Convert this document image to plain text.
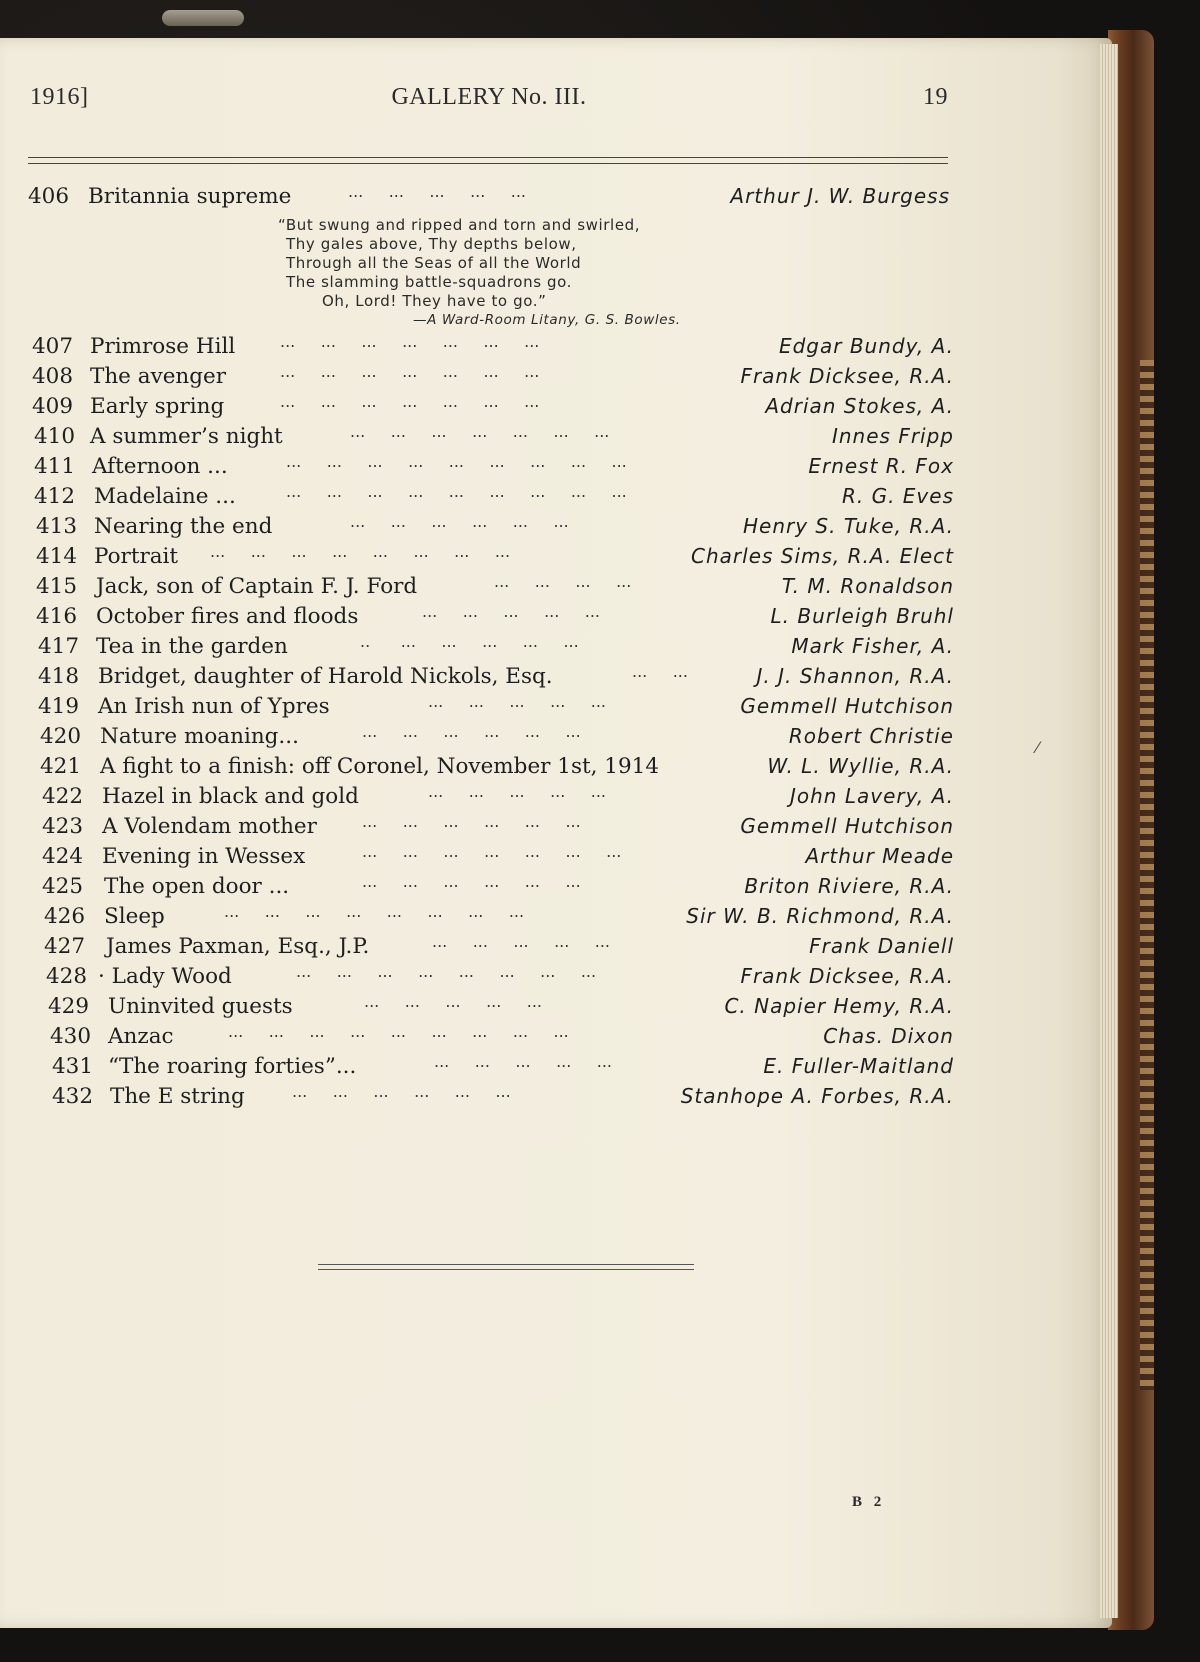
1916]	GALLERY No. III.	19
406 Britannia supreme	...     ...     ...     ...     ...	Arthur J. W. Burgess
“But swung and ripped and torn and swirled,
Thy gales above, Thy depths below,
Through all the Seas of all the World
The slamming battle-squadrons go.
Oh, Lord! They have to go.”
—A Ward-Room Litany, G. S. Bowles.
407 Primrose Hill	...     ...     ...     ...     ...     ...     ...	Edgar Bundy, A.
408 The avenger	...     ...     ...     ...     ...     ...     ...	Frank Dicksee, R.A.
409 Early spring	...     ...     ...     ...     ...     ...     ...	Adrian Stokes, A.
410 A summer’s night	...     ...     ...     ...     ...     ...     ...	Innes Fripp
411 Afternoon ...	...     ...     ...     ...     ...     ...     ...     ...     ...	Ernest R. Fox
412 Madelaine ...	...     ...     ...     ...     ...     ...     ...     ...     ...	R. G. Eves
413 Nearing the end	...     ...     ...     ...     ...     ...	Henry S. Tuke, R.A.
414 Portrait ...     ...     ...     ...     ...     ...     ...     ...	Charles Sims, R.A. Elect
415 Jack, son of Captain F. J. Ford	...     ...     ...     ...	T. M. Ronaldson
416 October fires and floods	...     ...     ...     ...     ...	L. Burleigh Bruhl
417 Tea in the garden	..      ...     ...     ...     ...     ...	Mark Fisher, A.
418 Bridget, daughter of Harold Nickols, Esq.	...     ...	J. J. Shannon, R.A.
419 An Irish nun of Ypres	...     ...     ...     ...     ...	Gemmell Hutchison
420 Nature moaning...	...     ...     ...     ...     ...     ...	Robert Christie
421 A fight to a finish: off Coronel, November 1st, 1914	W. L. Wyllie, R.A.
422 Hazel in black and gold	...     ...     ...     ...     ...	John Lavery, A.
423 A Volendam mother	...     ...     ...     ...     ...     ...	Gemmell Hutchison
424 Evening in Wessex	...     ...     ...     ...     ...     ...     ...	Arthur Meade
425 The open door ...	...     ...     ...     ...     ...     ...	Briton Riviere, R.A.
426 Sleep	...     ...     ...     ...     ...     ...     ...     ...	Sir W. B. Richmond, R.A.
427 James Paxman, Esq., J.P.	...     ...     ...     ...     ...	Frank Daniell
428 · Lady Wood	...     ...     ...     ...     ...     ...     ...     ...	Frank Dicksee, R.A.
429 Uninvited guests	...     ...     ...     ...     ...	C. Napier Hemy, R.A.
430 Anzac	...     ...     ...     ...     ...     ...     ...     ...     ...	Chas. Dixon
431 “The roaring forties”...	...     ...     ...     ...     ...	E. Fuller-Maitland
432 The E string	...     ...     ...     ...     ...     ...	Stanhope A. Forbes, R.A.
⁄
B 2
